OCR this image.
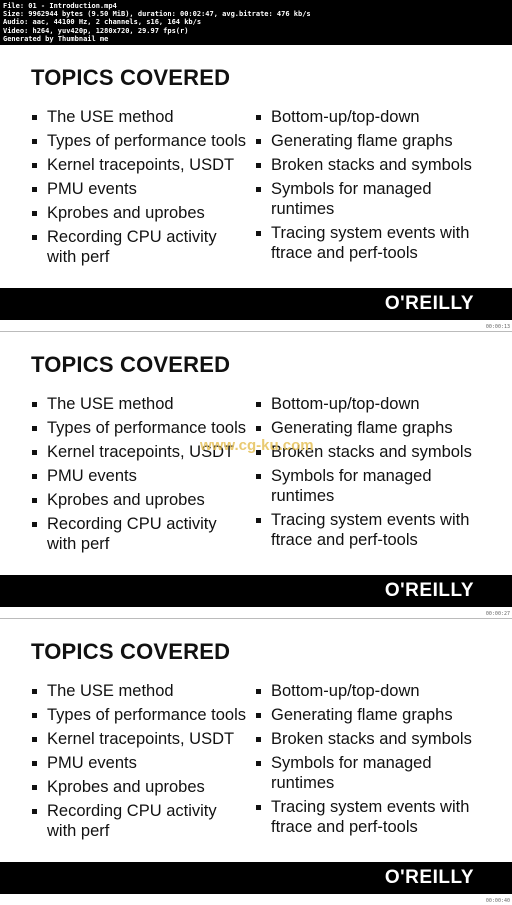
File: 01 - Introduction.mp4
Size: 9962944 bytes (9.50 MiB), duration: 00:02:47, avg.bitrate: 476 kb/s
Audio: aac, 44100 Hz, 2 channels, s16, 164 kb/s
Video: h264, yuv420p, 1280x720, 29.97 fps(r)
Generated by Thumbnail me
TOPICS COVERED
The USE method
Types of performance tools
Kernel tracepoints, USDT
PMU events
Kprobes and uprobes
Recording CPU activity with perf
Bottom-up/top-down
Generating flame graphs
Broken stacks and symbols
Symbols for managed runtimes
Tracing system events with ftrace and perf-tools
O'REILLY
00:00:13
TOPICS COVERED
The USE method
Types of performance tools
Kernel tracepoints, USDT
PMU events
Kprobes and uprobes
Recording CPU activity with perf
Bottom-up/top-down
Generating flame graphs
Broken stacks and symbols
Symbols for managed runtimes
Tracing system events with ftrace and perf-tools
www.cg-ku.com
O'REILLY
00:00:27
TOPICS COVERED
The USE method
Types of performance tools
Kernel tracepoints, USDT
PMU events
Kprobes and uprobes
Recording CPU activity with perf
Bottom-up/top-down
Generating flame graphs
Broken stacks and symbols
Symbols for managed runtimes
Tracing system events with ftrace and perf-tools
O'REILLY
00:00:40
